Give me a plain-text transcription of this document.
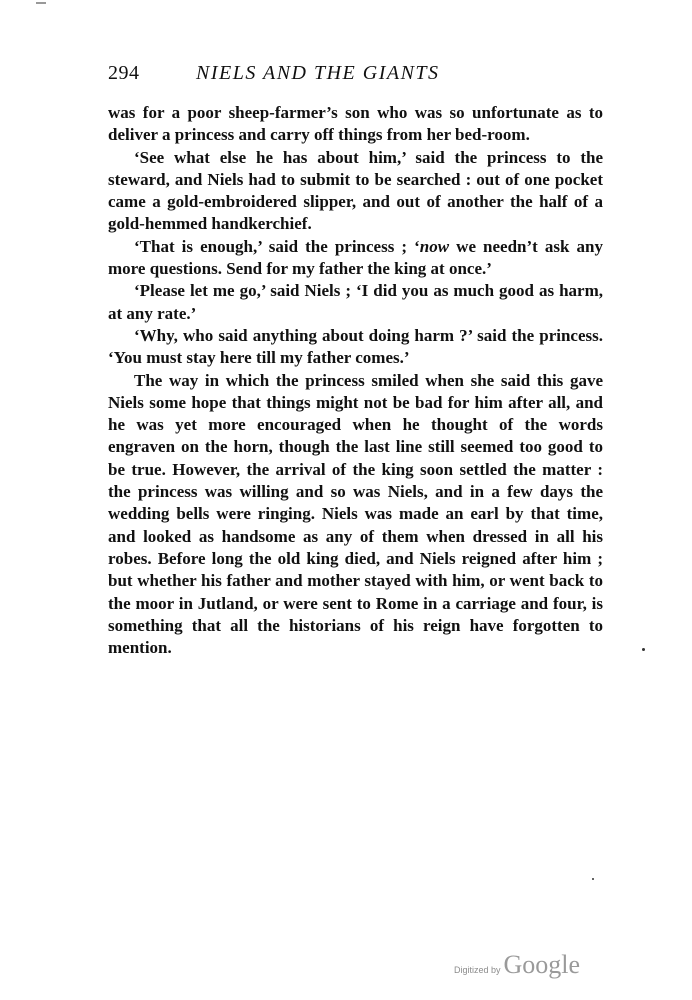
294	NIELS AND THE GIANTS

was for a poor sheep-farmer’s son who was so unfortunate as to deliver a princess and carry off things from her bed-room.

‘See what else he has about him,’ said the princess to the steward, and Niels had to submit to be searched : out of one pocket came a gold-embroidered slipper, and out of another the half of a gold-hemmed handkerchief.

‘That is enough,’ said the princess ; ‘now we needn’t ask any more questions. Send for my father the king at once.’

‘Please let me go,’ said Niels ; ‘I did you as much good as harm, at any rate.’

‘Why, who said anything about doing harm ?’ said the princess. ‘You must stay here till my father comes.’

The way in which the princess smiled when she said this gave Niels some hope that things might not be bad for him after all, and he was yet more encouraged when he thought of the words engraven on the horn, though the last line still seemed too good to be true. However, the arrival of the king soon settled the matter : the princess was willing and so was Niels, and in a few days the wedding bells were ringing. Niels was made an earl by that time, and looked as handsome as any of them when dressed in all his robes. Before long the old king died, and Niels reigned after him ; but whether his father and mother stayed with him, or went back to the moor in Jutland, or were sent to Rome in a carriage and four, is something that all the historians of his reign have forgotten to mention.

Digitized by Google
